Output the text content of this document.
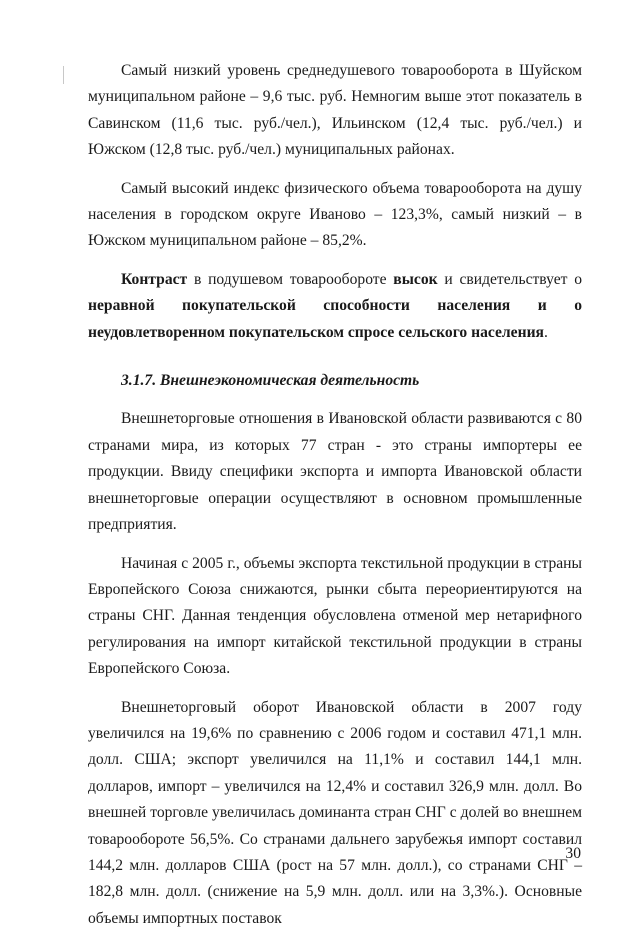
Самый низкий уровень среднедушевого товарооборота в Шуйском муниципальном районе – 9,6 тыс. руб. Немногим выше этот показатель в Савинском (11,6 тыс. руб./чел.), Ильинском (12,4 тыс. руб./чел.) и Южском (12,8 тыс. руб./чел.) муниципальных районах.

Самый высокий индекс физического объема товарооборота на душу населения в городском округе Иваново – 123,3%, самый низкий – в Южском муниципальном районе – 85,2%.

Контраст в подушевом товарообороте высок и свидетельствует о неравной покупательской способности населения и о неудовлетворенном покупательском спросе сельского населения.

3.1.7. Внешнеэкономическая деятельность

Внешнеторговые отношения в Ивановской области развиваются с 80 странами мира, из которых 77 стран - это страны импортеры ее продукции. Ввиду специфики экспорта и импорта Ивановской области внешнеторговые операции осуществляют в основном промышленные предприятия.

Начиная с 2005 г., объемы экспорта текстильной продукции в страны Европейского Союза снижаются, рынки сбыта переориентируются на страны СНГ. Данная тенденция обусловлена отменой мер нетарифного регулирования на импорт китайской текстильной продукции в страны Европейского Союза.

Внешнеторговый оборот Ивановской области в 2007 году увеличился на 19,6% по сравнению с 2006 годом и составил 471,1 млн. долл. США; экспорт увеличился на 11,1% и составил 144,1 млн. долларов, импорт – увеличился на 12,4% и составил 326,9 млн. долл. Во внешней торговле увеличилась доминанта стран СНГ с долей во внешнем товарообороте 56,5%. Со странами дальнего зарубежья импорт составил 144,2 млн. долларов США (рост на 57 млн. долл.), со странами СНГ – 182,8 млн. долл. (снижение на 5,9 млн. долл. или на 3,3%.). Основные объемы импортных поставок

30
